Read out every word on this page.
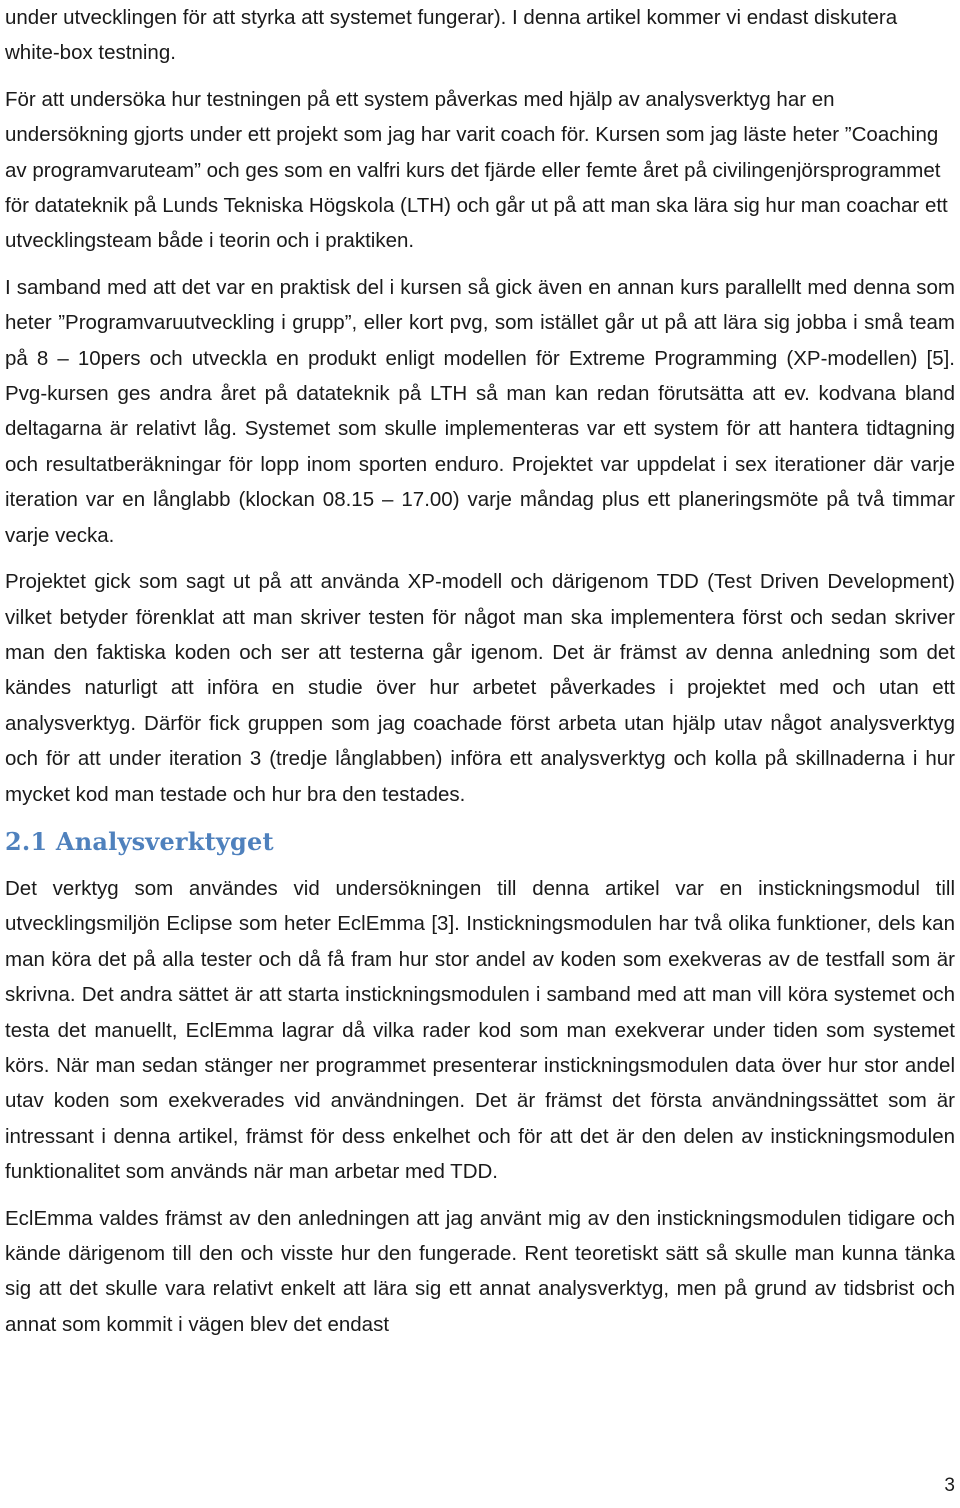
under utvecklingen för att styrka att systemet fungerar). I denna artikel kommer vi endast diskutera white-box testning.

För att undersöka hur testningen på ett system påverkas med hjälp av analysverktyg har en undersökning gjorts under ett projekt som jag har varit coach för. Kursen som jag läste heter ”Coaching av programvaruteam” och ges som en valfri kurs det fjärde eller femte året på civilingenjörsprogrammet för datateknik på Lunds Tekniska Högskola (LTH) och går ut på att man ska lära sig hur man coachar ett utvecklingsteam både i teorin och i praktiken.

I samband med att det var en praktisk del i kursen så gick även en annan kurs parallellt med denna som heter ”Programvaruutveckling i grupp”, eller kort pvg, som istället går ut på att lära sig jobba i små team på 8 – 10pers och utveckla en produkt enligt modellen för Extreme Programming (XP-modellen) [5]. Pvg-kursen ges andra året på datateknik på LTH så man kan redan förutsätta att ev. kodvana bland deltagarna är relativt låg. Systemet som skulle implementeras var ett system för att hantera tidtagning och resultatberäkningar för lopp inom sporten enduro. Projektet var uppdelat i sex iterationer där varje iteration var en långlabb (klockan 08.15 – 17.00) varje måndag plus ett planeringsmöte på två timmar varje vecka.

Projektet gick som sagt ut på att använda XP-modell och därigenom TDD (Test Driven Development) vilket betyder förenklat att man skriver testen för något man ska implementera först och sedan skriver man den faktiska koden och ser att testerna går igenom. Det är främst av denna anledning som det kändes naturligt att införa en studie över hur arbetet påverkades i projektet med och utan ett analysverktyg. Därför fick gruppen som jag coachade först arbeta utan hjälp utav något analysverktyg och för att under iteration 3 (tredje långlabben) införa ett analysverktyg och kolla på skillnaderna i hur mycket kod man testade och hur bra den testades.

2.1 Analysverktyget

Det verktyg som användes vid undersökningen till denna artikel var en instickningsmodul till utvecklingsmiljön Eclipse som heter EclEmma [3]. Instickningsmodulen har två olika funktioner, dels kan man köra det på alla tester och då få fram hur stor andel av koden som exekveras av de testfall som är skrivna. Det andra sättet är att starta instickningsmodulen i samband med att man vill köra systemet och testa det manuellt, EclEmma lagrar då vilka rader kod som man exekverar under tiden som systemet körs. När man sedan stänger ner programmet presenterar instickningsmodulen data över hur stor andel utav koden som exekverades vid användningen. Det är främst det första användningssättet som är intressant i denna artikel, främst för dess enkelhet och för att det är den delen av instickningsmodulen funktionalitet som används när man arbetar med TDD.

EclEmma valdes främst av den anledningen att jag använt mig av den instickningsmodulen tidigare och kände därigenom till den och visste hur den fungerade. Rent teoretiskt sätt så skulle man kunna tänka sig att det skulle vara relativt enkelt att lära sig ett annat analysverktyg, men på grund av tidsbrist och annat som kommit i vägen blev det endast

3
